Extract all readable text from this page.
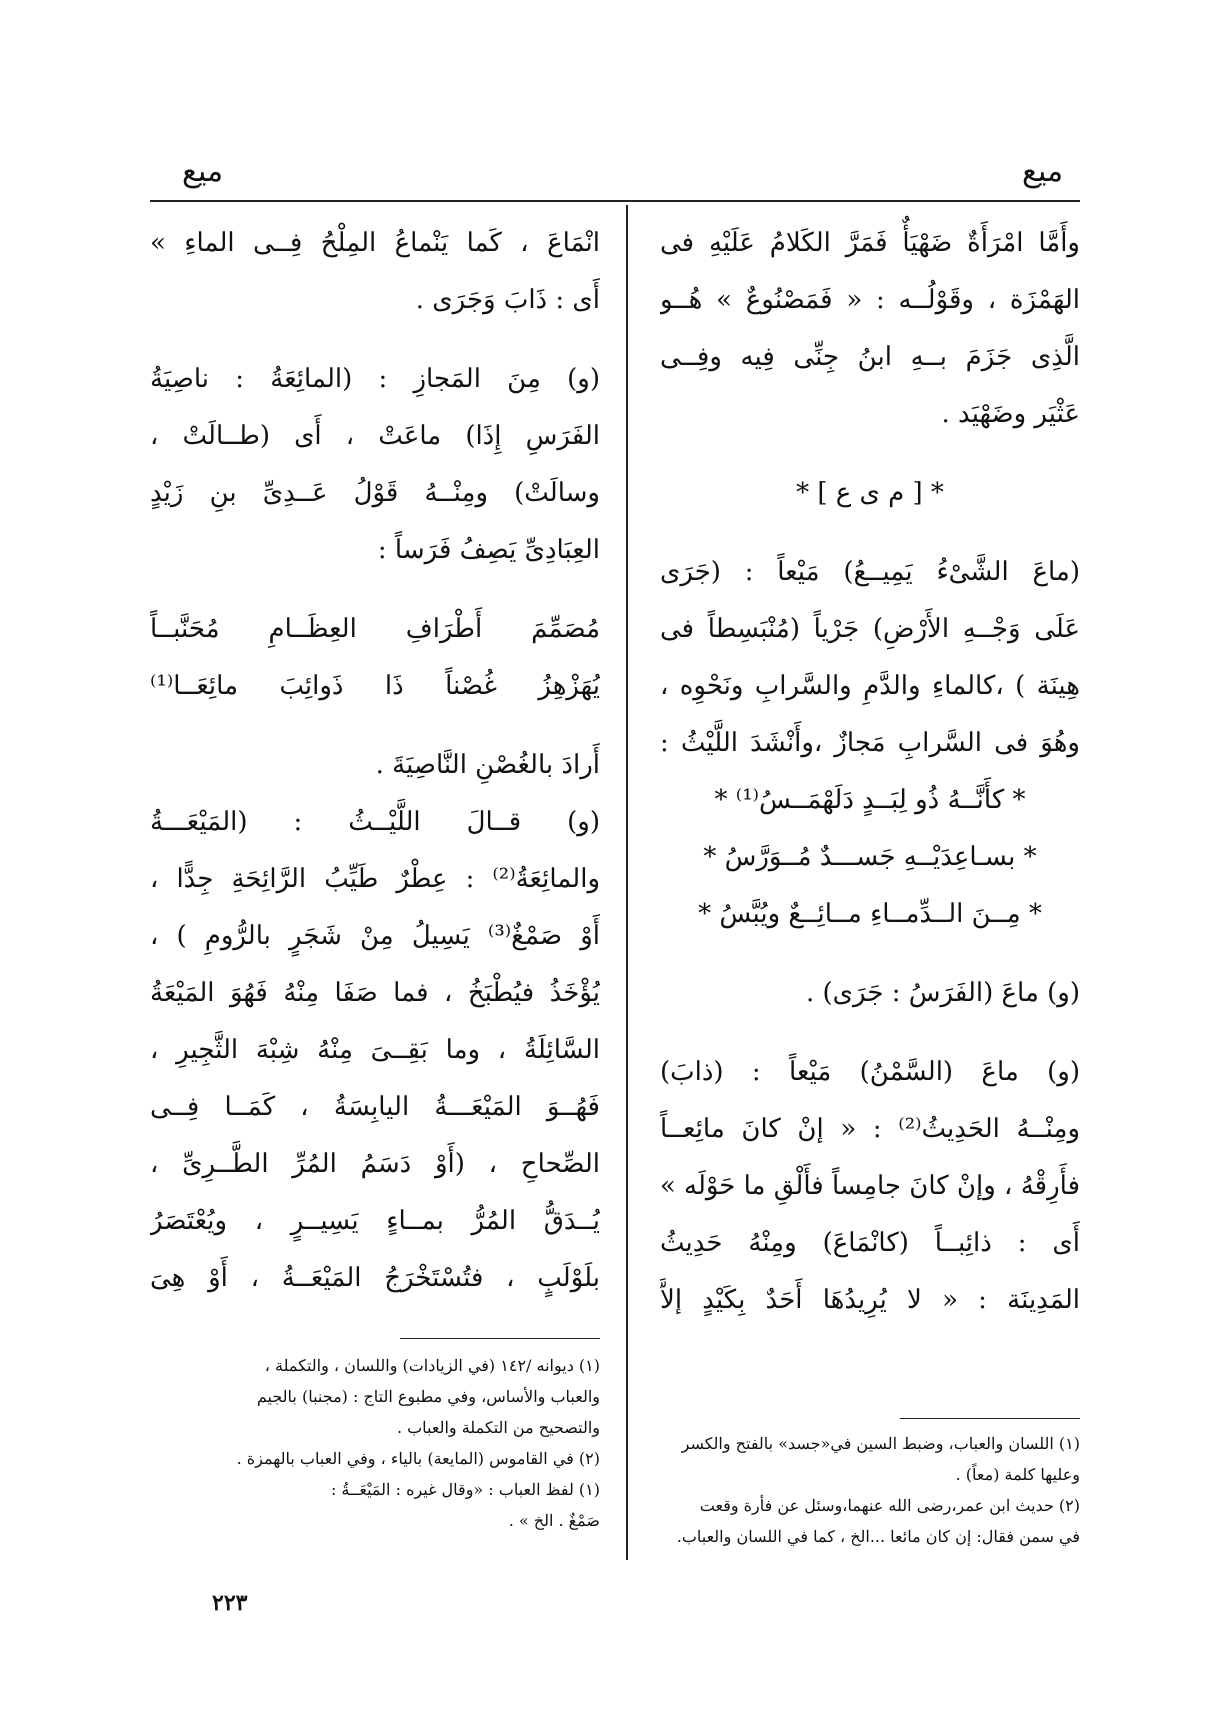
ميع
ميع
وأَمَّا امْرَأَةٌ ضَهْيَأٌ فَمَرَّ الكَلامُ عَلَيْهِ فى
الهَمْزَة ، وقَوْلُــه : « فَمَصْنُوعٌ » هُــو
الَّذِى جَزَمَ بــهِ ابنُ جِنِّى فِيه وفِــى
عَثْيَر وضَهْيَد .
* [ م ى ع ] *
(ماعَ الشَّىْءُ يَمِيــعُ) مَيْعاً : (جَرَى
عَلَى وَجْــهِ الأَرْضِ) جَرْياً (مُنْبَسِطاً فى
هِينَة ) ،كالماءِ والدَّمِ والسَّرابِ ونَحْوِه ،
وهُوَ فى السَّرابِ مَجازٌ ،وأَنْشَدَ اللَّيْثُ :
* كأَنَّــهُ ذُو لِبَــدٍ دَلَهْمَــسُ⁽¹⁾ *
* بسـاعِدَيْــهِ جَســـدٌ مُــوَرَّسُ *
* مِــنَ الــدِّمــاءِ مــائِــعٌ ويُبَّسُ *
(و) ماعَ (الفَرَسُ : جَرَى) .
(و) ماعَ (السَّمْنُ) مَيْعاً : (ذابَ)
ومِنْــهُ الحَدِيثُ⁽²⁾ : « إنْ كانَ مائِعــاً
فأَرِقْهُ ، وإنْ كانَ جامِساً فأَلْقِ ما حَوْلَه »
أَى : ذائِبــاً (كانْمَاعَ) ومِنْهُ حَدِيثُ
المَدِينَة : « لا يُرِيدُهَا أَحَدٌ بِكَيْدٍ إلاَّ
(١) اللسان والعباب، وضبط السين في«جسد» بالفتح والكسر
وعليها كلمة (معاً) .
(٢) حديث ابن عمر،رضى الله عنهما،وسئل عن فأرة وقعت
في سمن فقال: إن كان مائعا ...الخ ، كما في اللسان والعباب.
انْمَاعَ ، كَما يَنْماعُ المِلْحُ فِــى الماءِ »
أَى : ذَابَ وَجَرَى .
(و) مِنَ المَجازِ : (المائِعَةُ : ناصِيَةُ
الفَرَسِ إِذَا) ماعَتْ ، أَى (طــالَتْ ،
وسالَتْ) ومِنْــهُ قَوْلُ عَــدِىِّ بنِ زَيْدٍ
العِبَادِىِّ يَصِفُ فَرَساً :
مُصَمِّمَ أَطْرَافِ العِظَــامِ مُحَنَّبــاً
يُهَزْهِزُ غُصْناً ذَا ذَوائِبَ مائِعَــا⁽¹⁾
أَرادَ بالغُصْنِ النَّاصِيَةَ .
(و) قــالَ اللَّيْــثُ : (المَيْعَـــةُ
والمائِعَةُ⁽²⁾ : عِطْرٌ طَيِّبُ الرَّائِحَةِ جِدًّا ،
أَوْ صَمْغٌ⁽³⁾ يَسِيلُ مِنْ شَجَرٍ بالرُّومِ ) ،
يُؤْخَذُ فيُطْبَخُ ، فما صَفَا مِنْهُ فَهُوَ المَيْعَةُ
السَّائِلَةُ ، وما بَقِــىَ مِنْهُ شِبْهَ الثَّجِيرِ ،
فَهُــوَ المَيْعَـــةُ اليابِسَةُ ، كَمَــا فِــى
الصِّحاحِ ، (أَوْ دَسَمُ المُرِّ الطَّــرِىِّ ،
يُــدَقُّ المُرُّ بمــاءٍ يَسِيــرٍ ، ويُعْتَصَرُ
بلَوْلَبٍ ، فتُسْتَخْرَجُ المَيْعَــةُ ، أَوْ هِىَ
(١) ديوانه /١٤٢ (في الزيادات) واللسان ، والتكملة ،
والعباب والأساس، وفي مطبوع التاج : (مجنبا) بالجيم
والتصحيح من التكملة والعباب .
(٢) في القاموس (المايعة) بالياء ، وفي العباب بالهمزة .
(١) لفظ العباب : «وقال غيره : المَيْعَــةُ :
صَمْغٌ . الخ » .
٢٢٣
